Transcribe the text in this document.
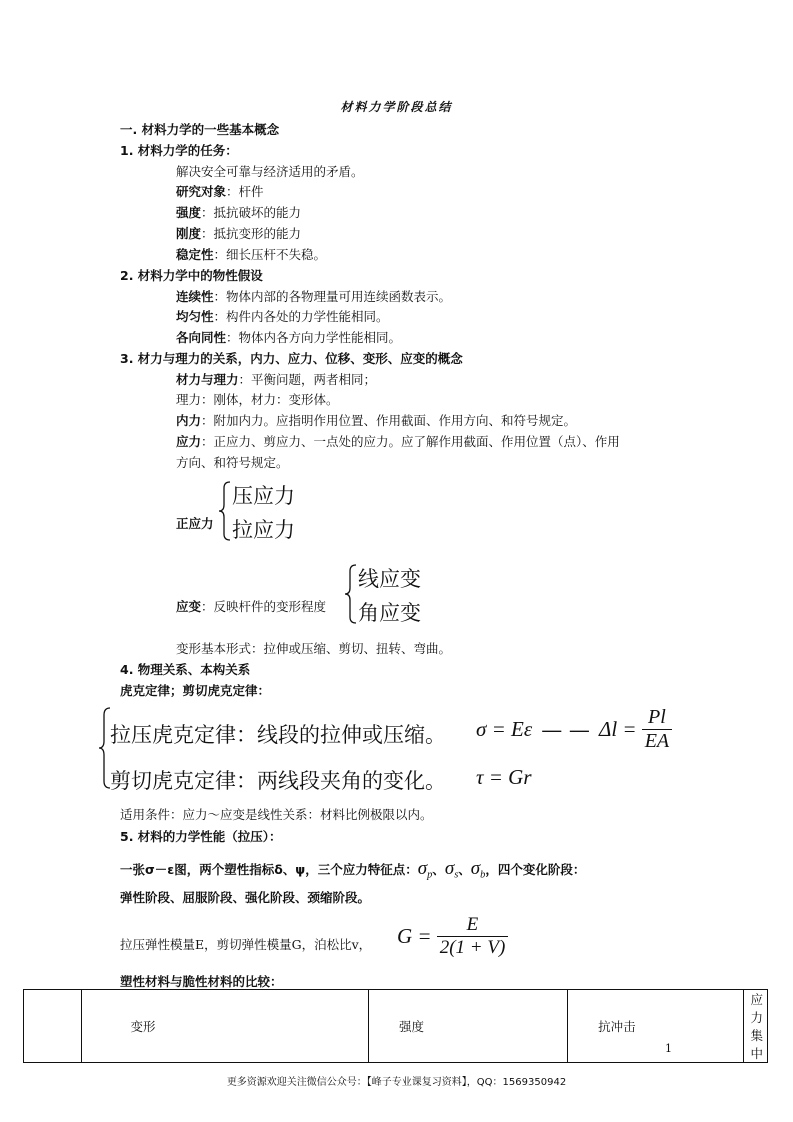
材料力学阶段总结
一. 材料力学的一些基本概念
1. 材料力学的任务：
解决安全可靠与经济适用的矛盾。
研究对象：杆件
强度：抵抗破坏的能力
刚度：抵抗变形的能力
稳定性：细长压杆不失稳。
2. 材料力学中的物性假设
连续性：物体内部的各物理量可用连续函数表示。
均匀性：构件内各处的力学性能相同。
各向同性：物体内各方向力学性能相同。
3. 材力与理力的关系，内力、应力、位移、变形、应变的概念
材力与理力：平衡问题，两者相同；
理力：刚体，材力：变形体。
内力：附加内力。应指明作用位置、作用截面、作用方向、和符号规定。
应力：正应力、剪应力、一点处的应力。应了解作用截面、作用位置（点）、作用
方向、和符号规定。
正应力
压应力
拉应力
应变：反映杆件的变形程度
线应变
角应变
变形基本形式：拉伸或压缩、剪切、扭转、弯曲。
4. 物理关系、本构关系
虎克定律；剪切虎克定律：
拉压虎克定律：线段的拉伸或压缩。 σ = Eε — — $\Delta l = \frac{Pl}{EA}$
剪切虎克定律：两线段夹角的变化。 τ = Gr
适用条件：应力～应变是线性关系：材料比例极限以内。
5. 材料的力学性能（拉压）：
一张σ－ε图，两个塑性指标δ、ψ，三个应力特征点：$\sigma_p$、$\sigma_s$、$\sigma_b$，四个变化阶段：
弹性阶段、屈服阶段、强化阶段、颈缩阶段。
拉压弹性模量E，剪切弹性模量G，泊松比v， $G = \frac{E}{2(1 + V)}$
塑性材料与脆性材料的比较：
	变形	强度	抗冲击	应力集中
1
更多资源欢迎关注微信公众号：【峰子专业课复习资料】，QQ：1569350942
